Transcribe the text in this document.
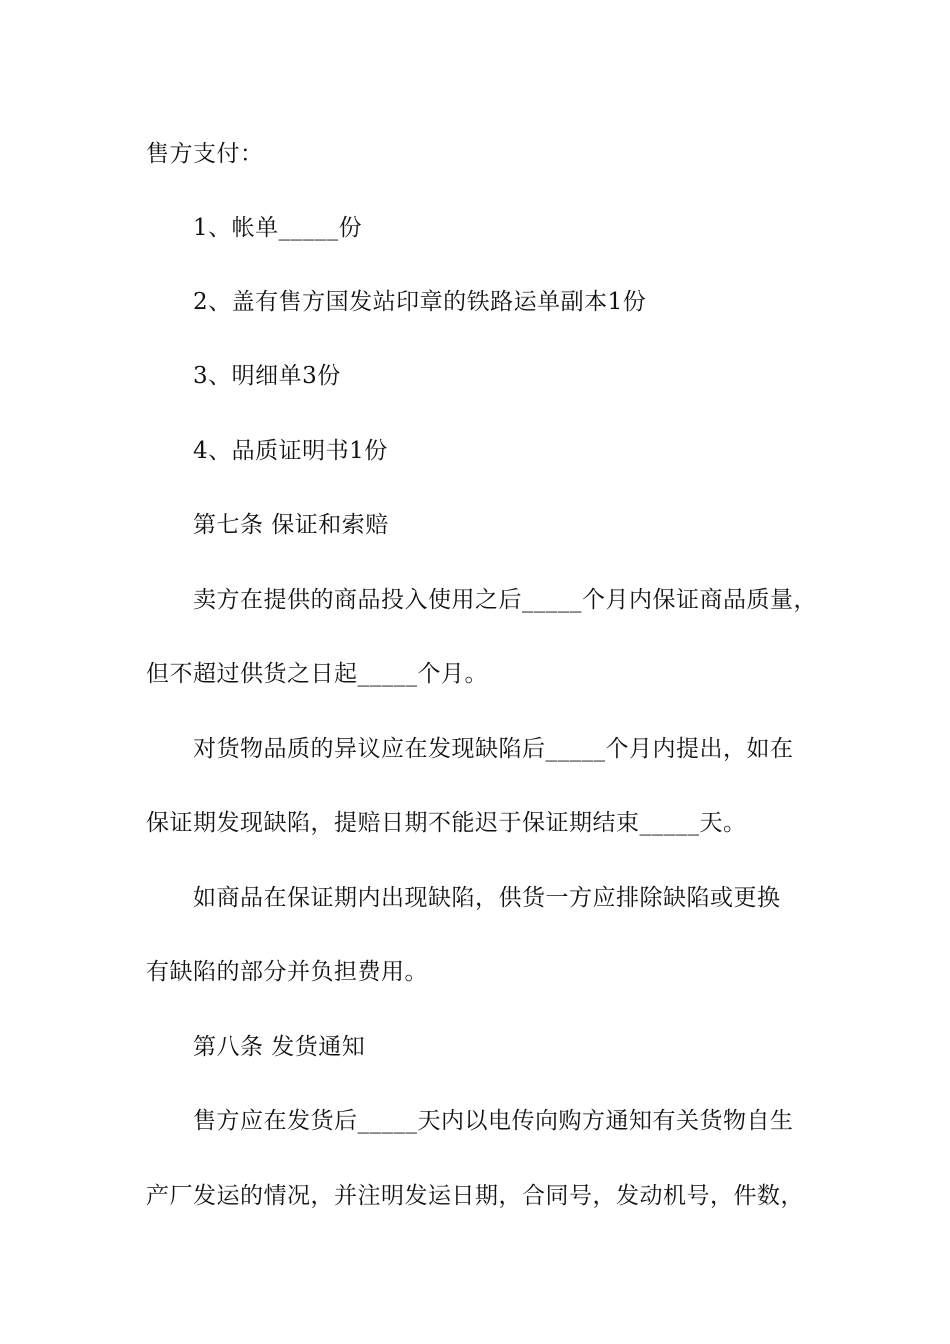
售方支付：
1、帐单_____份
2、盖有售方国发站印章的铁路运单副本1份
3、明细单3份
4、品质证明书1份
第七条 保证和索赔
卖方在提供的商品投入使用之后_____个月内保证商品质量，
但不超过供货之日起_____个月。
对货物品质的异议应在发现缺陷后_____个月内提出，如在
保证期发现缺陷，提赔日期不能迟于保证期结束_____天。
如商品在保证期内出现缺陷，供货一方应排除缺陷或更换
有缺陷的部分并负担费用。
第八条 发货通知
售方应在发货后_____天内以电传向购方通知有关货物自生
产厂发运的情况，并注明发运日期，合同号，发动机号，件数，
